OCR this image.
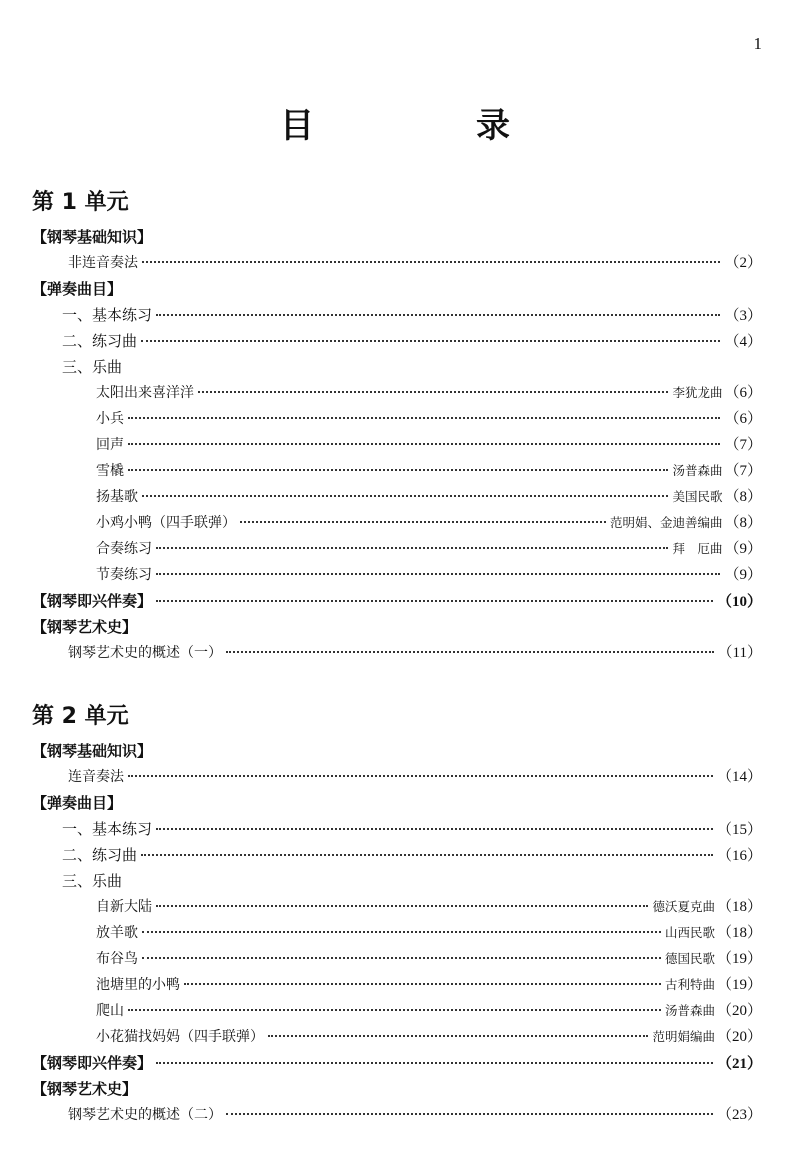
1
目　录
第 1 单元
【钢琴基础知识】
非连音奏法	（2）
【弹奏曲目】
一、基本练习	（3）
二、练习曲	（4）
三、乐曲
太阳出来喜洋洋	李犹龙曲 （6）
小兵	（6）
回声	（7）
雪橇	汤普森曲 （7）
扬基歌	美国民歌 （8）
小鸡小鸭（四手联弹）	范明娟、金迪善编曲 （8）
合奏练习	拜　厄曲 （9）
节奏练习	（9）
【钢琴即兴伴奏】	（10）
【钢琴艺术史】
钢琴艺术史的概述（一）	（11）
第 2 单元
【钢琴基础知识】
连音奏法	（14）
【弹奏曲目】
一、基本练习	（15）
二、练习曲	（16）
三、乐曲
自新大陆	德沃夏克曲 （18）
放羊歌	山西民歌 （18）
布谷鸟	德国民歌 （19）
池塘里的小鸭	古利特曲 （19）
爬山	汤普森曲 （20）
小花猫找妈妈（四手联弹）	范明娟编曲 （20）
【钢琴即兴伴奏】	（21）
【钢琴艺术史】
钢琴艺术史的概述（二）	（23）
